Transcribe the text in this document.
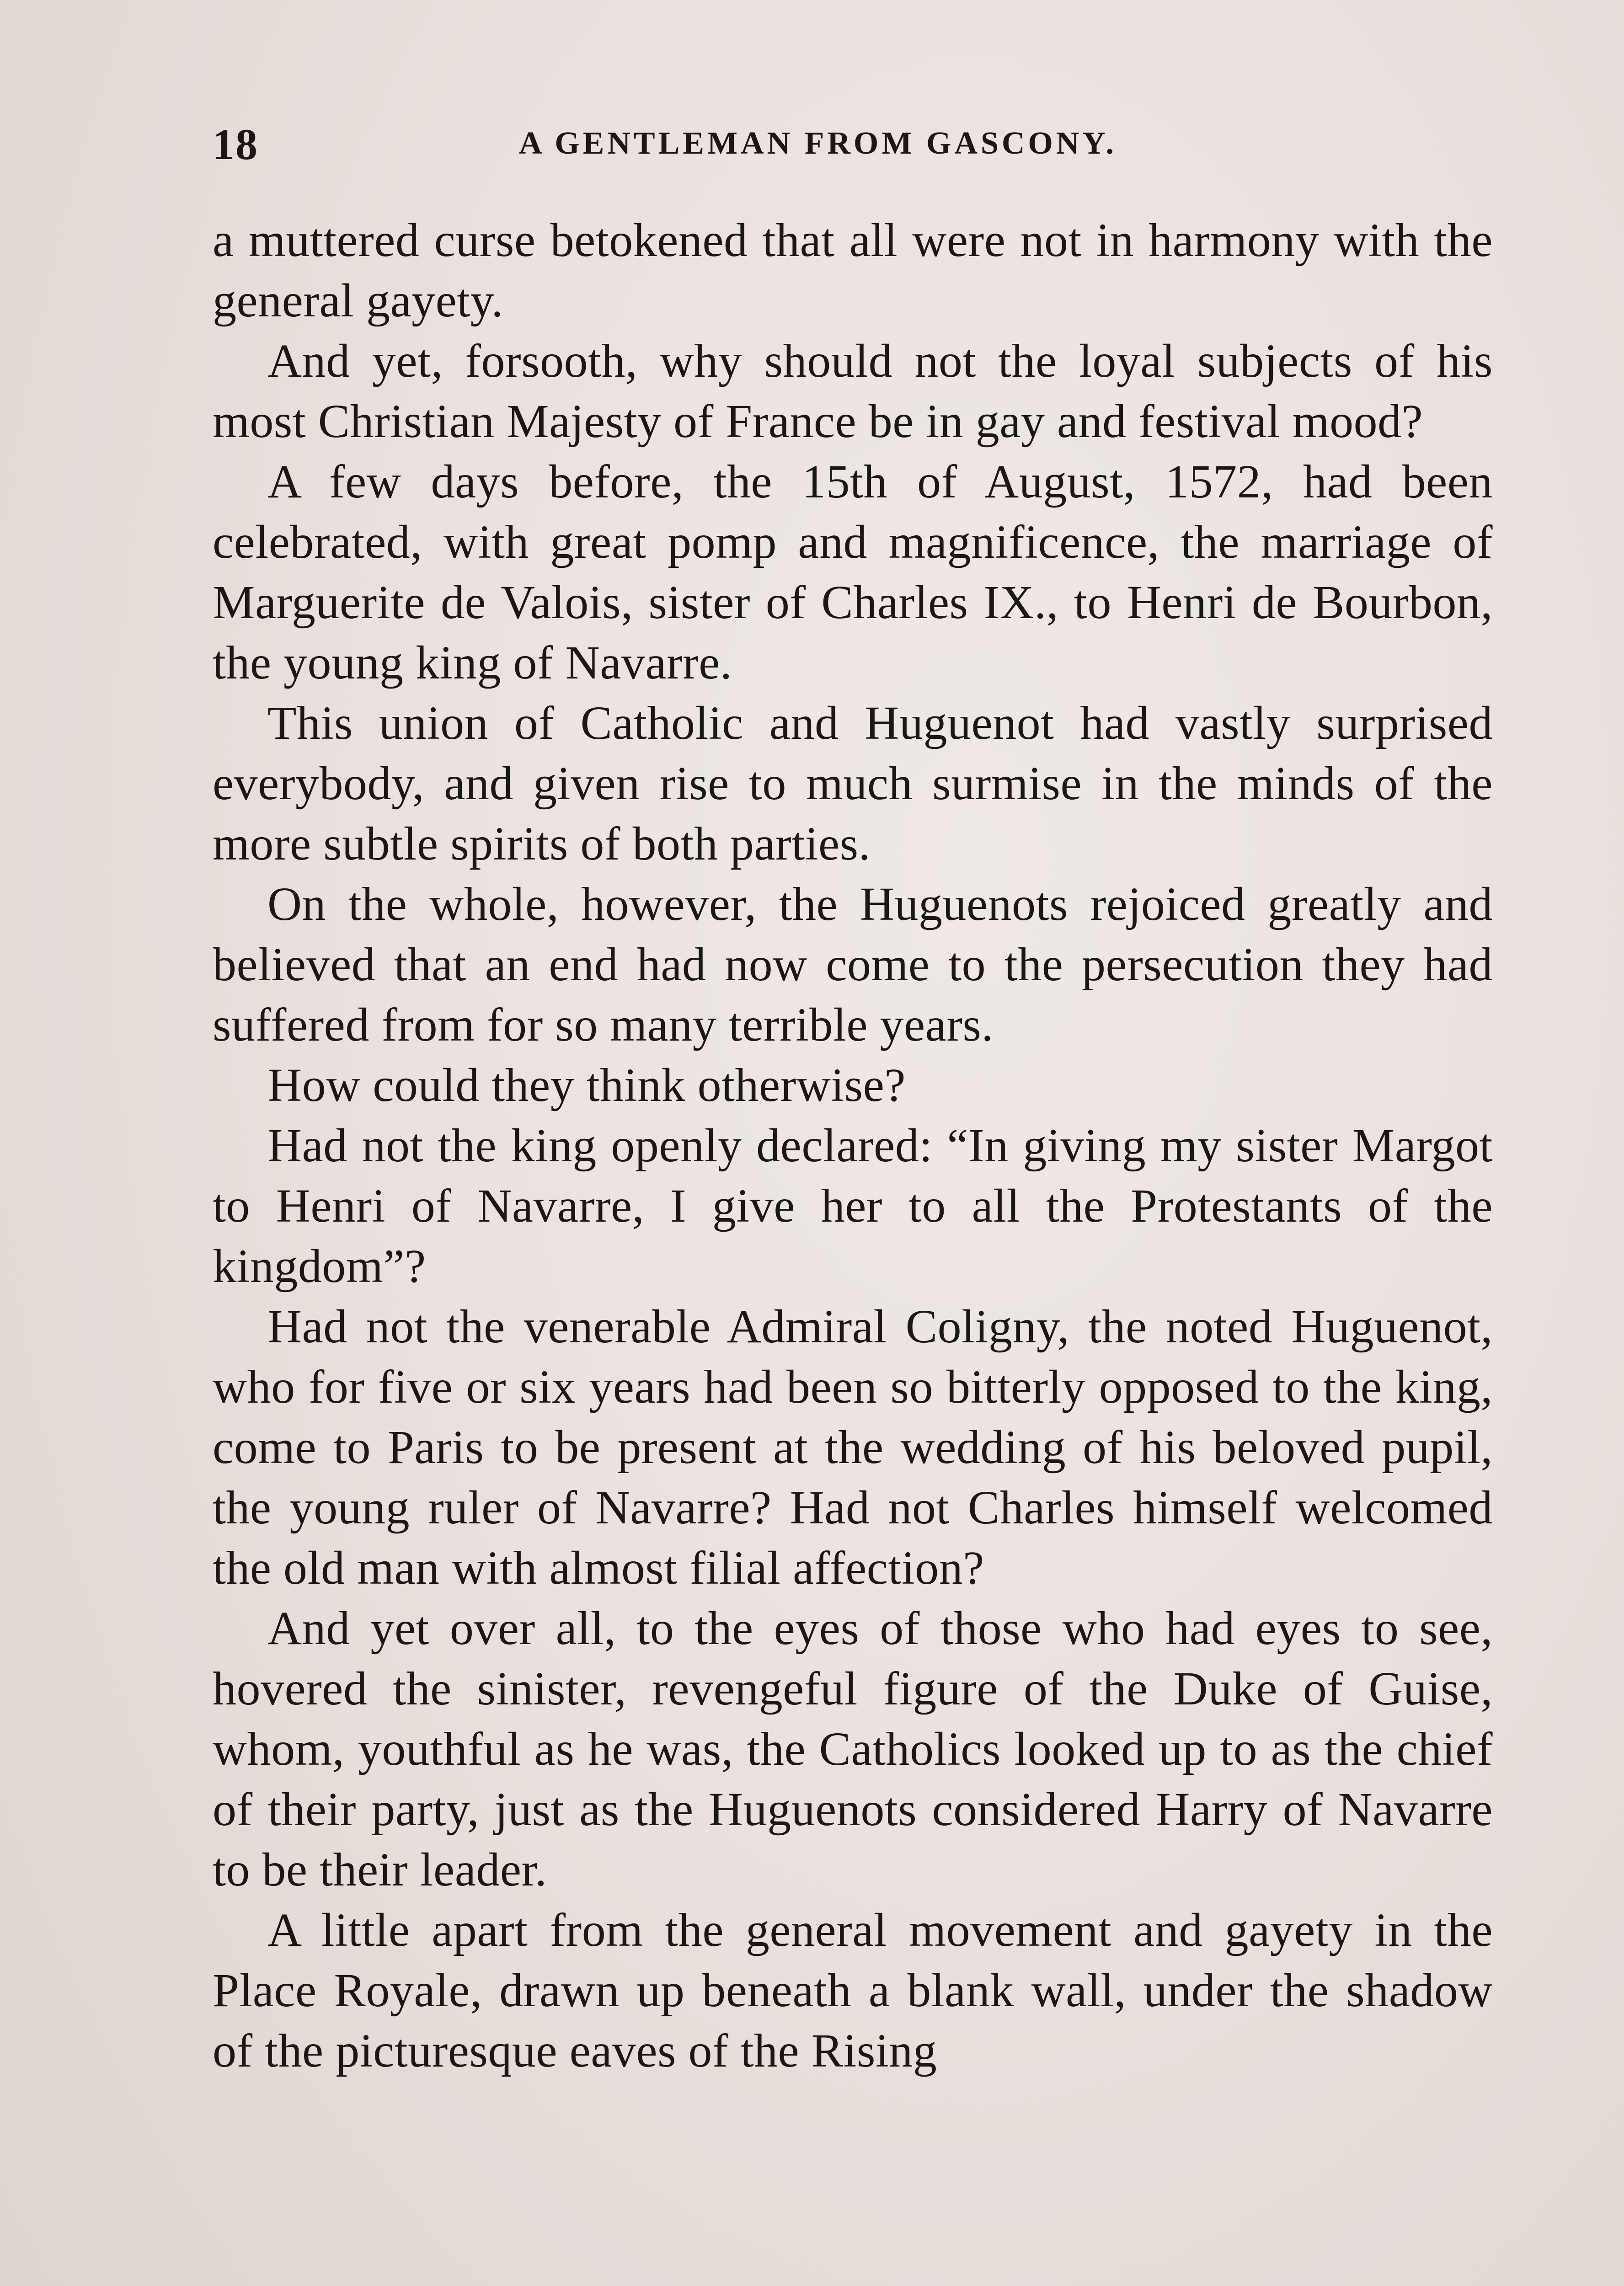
18	A GENTLEMAN FROM GASCONY.

a muttered curse betokened that all were not in harmony with the general gayety.

And yet, forsooth, why should not the loyal subjects of his most Christian Majesty of France be in gay and festival mood?

A few days before, the 15th of August, 1572, had been celebrated, with great pomp and magnificence, the marriage of Marguerite de Valois, sister of Charles IX., to Henri de Bourbon, the young king of Navarre.

This union of Catholic and Huguenot had vastly surprised everybody, and given rise to much surmise in the minds of the more subtle spirits of both parties.

On the whole, however, the Huguenots rejoiced greatly and believed that an end had now come to the persecution they had suffered from for so many terrible years.

How could they think otherwise?

Had not the king openly declared: “In giving my sister Margot to Henri of Navarre, I give her to all the Protestants of the kingdom”?

Had not the venerable Admiral Coligny, the noted Huguenot, who for five or six years had been so bitterly opposed to the king, come to Paris to be present at the wedding of his beloved pupil, the young ruler of Navarre? Had not Charles himself welcomed the old man with almost filial affection?

And yet over all, to the eyes of those who had eyes to see, hovered the sinister, revengeful figure of the Duke of Guise, whom, youthful as he was, the Catholics looked up to as the chief of their party, just as the Huguenots considered Harry of Navarre to be their leader.

A little apart from the general movement and gayety in the Place Royale, drawn up beneath a blank wall, under the shadow of the picturesque eaves of the Rising
